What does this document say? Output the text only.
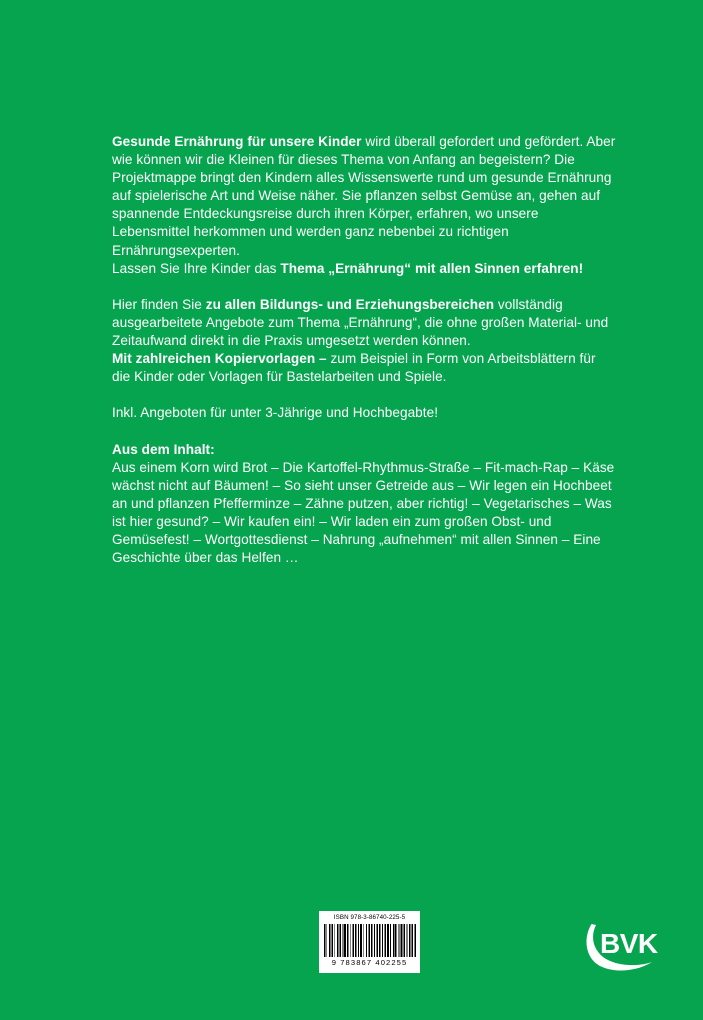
Gesunde Ernährung für unsere Kinder wird überall gefordert und gefördert. Aber wie können wir die Kleinen für dieses Thema von Anfang an begeistern? Die Projektmappe bringt den Kindern alles Wissenswerte rund um gesunde Ernährung auf spielerische Art und Weise näher. Sie pflanzen selbst Gemüse an, gehen auf spannende Entdeckungsreise durch ihren Körper, erfahren, wo unsere Lebensmittel herkommen und werden ganz nebenbei zu richtigen Ernährungsexperten.
Lassen Sie Ihre Kinder das Thema „Ernährung“ mit allen Sinnen erfahren!

Hier finden Sie zu allen Bildungs- und Erziehungsbereichen vollständig ausgearbeitete Angebote zum Thema „Ernährung“, die ohne großen Material- und Zeitaufwand direkt in die Praxis umgesetzt werden können.
Mit zahlreichen Kopiervorlagen – zum Beispiel in Form von Arbeitsblättern für die Kinder oder Vorlagen für Bastelarbeiten und Spiele.

Inkl. Angeboten für unter 3-Jährige und Hochbegabte!

Aus dem Inhalt:
Aus einem Korn wird Brot – Die Kartoffel-Rhythmus-Straße – Fit-mach-Rap – Käse wächst nicht auf Bäumen! – So sieht unser Getreide aus – Wir legen ein Hochbeet an und pflanzen Pfefferminze – Zähne putzen, aber richtig! – Vegetarisches – Was ist hier gesund? – Wir kaufen ein! – Wir laden ein zum großen Obst- und Gemüsefest! – Wortgottesdienst – Nahrung „aufnehmen“ mit allen Sinnen – Eine Geschichte über das Helfen …

ISBN 978-3-86740-225-5
9 783867 402255
BVK
